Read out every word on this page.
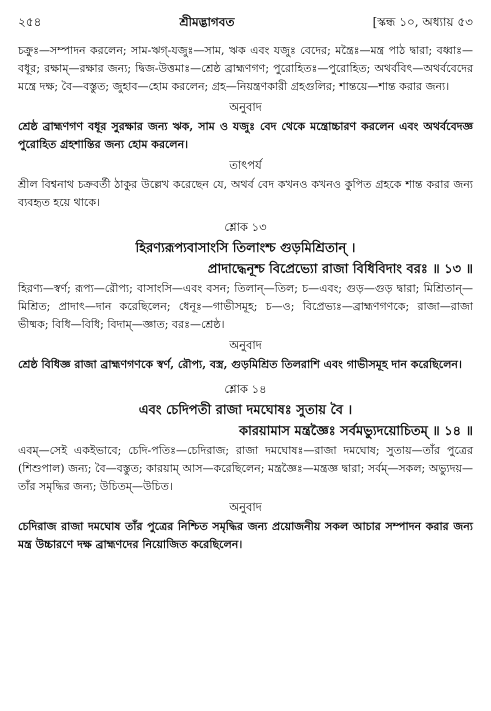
২৫৪	শ্রীমদ্ভাগবত	[স্কন্ধ ১০, অধ্যায় ৫৩

চক্রুঃ—সম্পাদন করলেন; সাম-ঋগ্‌-যজুঃ—সাম, ঋক এবং যজুঃ বেদের; মন্ত্রৈঃ—মন্ত্র পাঠ দ্বারা; বধ্বাঃ—বধূর; রক্ষাম্‌—রক্ষার জন্য; দ্বিজ-উত্তমাঃ—শ্রেষ্ঠ ব্রাহ্মণগণ; পুরোহিতঃ—পুরোহিত; অথর্ববিৎ—অথর্ববেদের মন্ত্রে দক্ষ; বৈ—বস্তুত; জুহাব—হোম করলেন; গ্রহ—নিয়ন্ত্রণকারী গ্রহগুলির; শান্তয়ে—শান্ত করার জন্য।

অনুবাদ

শ্রেষ্ঠ ব্রাহ্মণগণ বধূর সুরক্ষার জন্য ঋক, সাম ও যজুঃ বেদ থেকে মন্ত্রোচ্চারণ করলেন এবং অথর্ববেদজ্ঞ পুরোহিত গ্রহশান্তির জন্য হোম করলেন।

তাৎপর্য

শ্রীল বিশ্বনাথ চক্রবর্তী ঠাকুর উল্লেখ করেছেন যে, অথর্ব বেদ কখনও কখনও কুপিত গ্রহকে শান্ত করার জন্য ব্যবহৃত হয়ে থাকে।

শ্লোক ১৩
হিরণ্যরূপ্যবাসাংসি তিলাংশ্চ গুড়মিশ্রিতান্‌ ।
প্রাদাদ্ধেনূশ্চ বিপ্রেভ্যো রাজা বিধিবিদাং বরঃ ॥ ১৩ ॥

হিরণ্য—স্বর্ণ; রূপ্য—রৌপ্য; বাসাংসি—এবং বসন; তিলান্‌—তিল; চ—এবং; গুড়—গুড় দ্বারা; মিশ্রিতান্‌—মিশ্রিত; প্রাদাৎ—দান করেছিলেন; ধেনূঃ—গাভীসমূহ; চ—ও; বিপ্রেভ্যঃ—ব্রাহ্মণগণকে; রাজা—রাজা ভীষ্মক; বিধি—বিধি; বিদাম্‌—জ্ঞাত; বরঃ—শ্রেষ্ঠ।

অনুবাদ

শ্রেষ্ঠ বিধিজ্ঞ রাজা ব্রাহ্মণগণকে স্বর্ণ, রৌপ্য, বস্ত্র, গুড়মিশ্রিত তিলরাশি এবং গাভীসমূহ দান করেছিলেন।

শ্লোক ১৪
এবং চেদিপতী রাজা দমঘোষঃ সুতায় বৈ ।
কারয়ামাস মন্ত্রজ্ঞৈঃ সর্বমভ্যুদয়োচিতম্‌ ॥ ১৪ ॥

এবম্‌—সেই একইভাবে; চেদি-পতিঃ—চেদিরাজ; রাজা দমঘোষঃ—রাজা দমঘোষ; সুতায়—তাঁর পুত্রের (শিশুপাল) জন্য; বৈ—বস্তুত; কারয়াম্‌ আস—করেছিলেন; মন্ত্রজ্ঞৈঃ—মন্ত্রজ্ঞ দ্বারা; সর্বম্‌—সকল; অভ্যুদয়—তাঁর সমৃদ্ধির জন্য; উচিতম্‌—উচিত।

অনুবাদ

চেদিরাজ রাজা দমঘোষ তাঁর পুত্রের নিশ্চিত সমৃদ্ধির জন্য প্রয়োজনীয় সকল আচার সম্পাদন করার জন্য মন্ত্র উচ্চারণে দক্ষ ব্রাহ্মণদের নিয়োজিত করেছিলেন।
